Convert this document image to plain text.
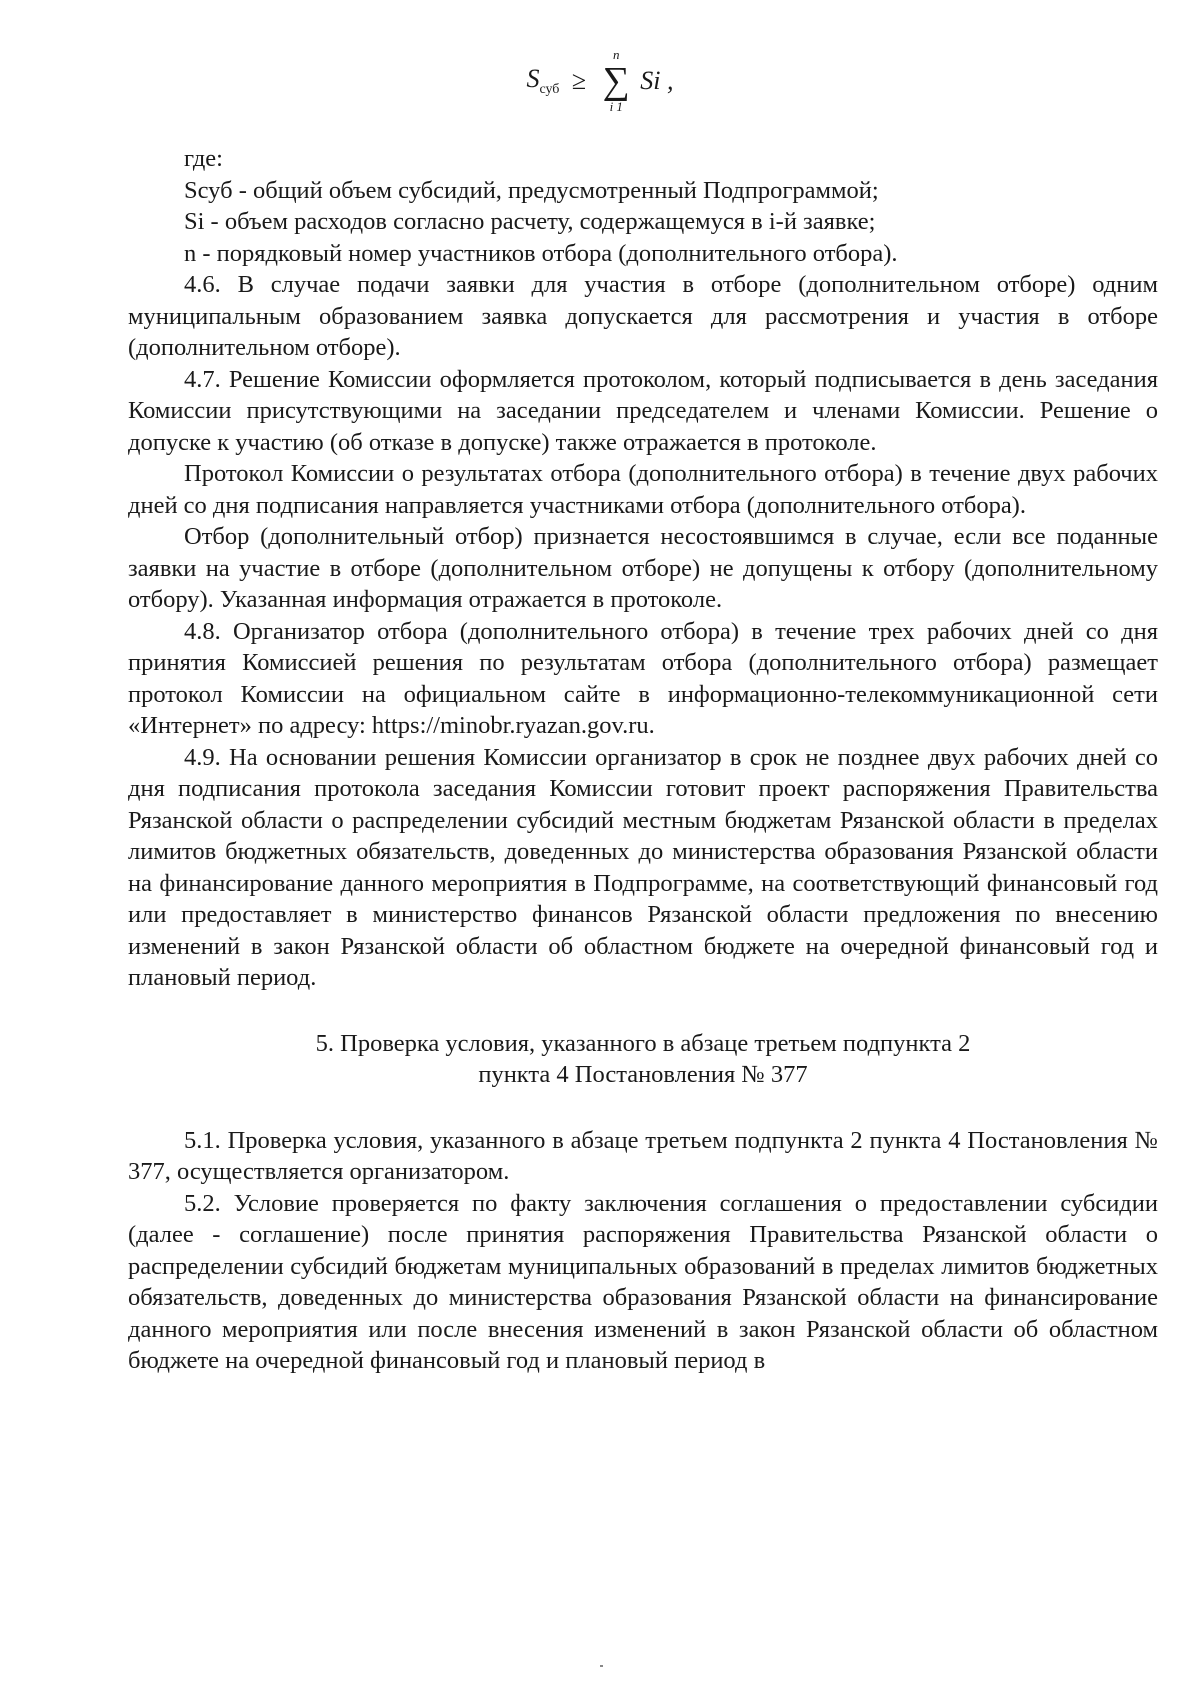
$S_{суб}$ ≥
n
∑
i 1
Si ,

где:

Sсуб - общий объем субсидий, предусмотренный Подпрограммой;

Si - объем расходов согласно расчету, содержащемуся в i-й заявке;

n - порядковый номер участников отбора (дополнительного отбора).

4.6. В случае подачи заявки для участия в отборе (дополнительном отборе) одним муниципальным образованием заявка допускается для рассмотрения и участия в отборе (дополнительном отборе).

4.7. Решение Комиссии оформляется протоколом, который подписывается в день заседания Комиссии присутствующими на заседании председателем и членами Комиссии. Решение о допуске к участию (об отказе в допуске) также отражается в протоколе.

Протокол Комиссии о результатах отбора (дополнительного отбора) в течение двух рабочих дней со дня подписания направляется участниками отбора (дополнительного отбора).

Отбор (дополнительный отбор) признается несостоявшимся в случае, если все поданные заявки на участие в отборе (дополнительном отборе) не допущены к отбору (дополнительному отбору). Указанная информация отражается в протоколе.

4.8. Организатор отбора (дополнительного отбора) в течение трех рабочих дней со дня принятия Комиссией решения по результатам отбора (дополнительного отбора) размещает протокол Комиссии на официальном сайте в информационно-телекоммуникационной сети «Интернет» по адресу: https://minobr.ryazan.gov.ru.

4.9. На основании решения Комиссии организатор в срок не позднее двух рабочих дней со дня подписания протокола заседания Комиссии готовит проект распоряжения Правительства Рязанской области о распределении субсидий местным бюджетам Рязанской области в пределах лимитов бюджетных обязательств, доведенных до министерства образования Рязанской области на финансирование данного мероприятия в Подпрограмме, на соответствующий финансовый год или предоставляет в министерство финансов Рязанской области предложения по внесению изменений в закон Рязанской области об областном бюджете на очередной финансовый год и плановый период.

5. Проверка условия, указанного в абзаце третьем подпункта 2
пункта 4 Постановления № 377

5.1. Проверка условия, указанного в абзаце третьем подпункта 2 пункта 4 Постановления № 377, осуществляется организатором.

5.2. Условие проверяется по факту заключения соглашения о предоставлении субсидии (далее - соглашение) после принятия распоряжения Правительства Рязанской области о распределении субсидий бюджетам муниципальных образований в пределах лимитов бюджетных обязательств, доведенных до министерства образования Рязанской области на финансирование данного мероприятия или после внесения изменений в закон Рязанской области об областном бюджете на очередной финансовый год и плановый период в
